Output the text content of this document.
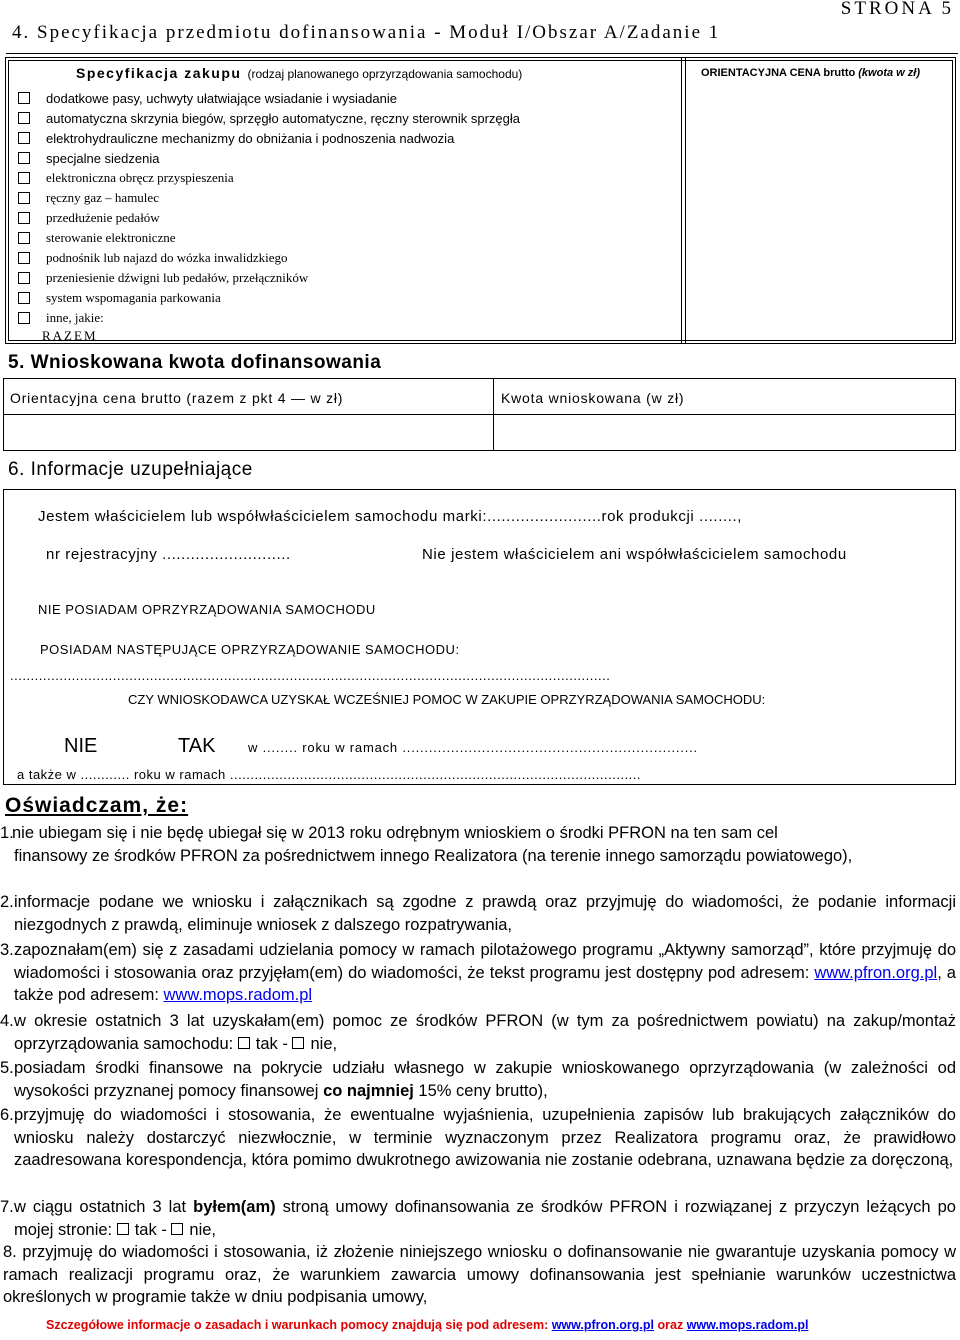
STRONA 5
4. Specyfikacja przedmiotu dofinansowania - Moduł I/Obszar A/Zadanie 1
Specyfikacja zakupu (rodzaj planowanego oprzyrządowania samochodu)	ORIENTACYJNA CENA brutto (kwota w zł)
dodatkowe pasy, uchwyty ułatwiające wsiadanie i wysiadanie
automatyczna skrzynia biegów, sprzęgło automatyczne, ręczny sterownik sprzęgła
elektrohydrauliczne mechanizmy do obniżania i podnoszenia nadwozia
specjalne siedzenia
elektroniczna obręcz przyspieszenia
ręczny gaz – hamulec
przedłużenie pedałów
sterowanie elektroniczne
podnośnik lub najazd do wózka inwalidzkiego
przeniesienie dźwigni lub pedałów, przełączników
system wspomagania parkowania
inne, jakie:
RAZEM
5. Wnioskowana kwota dofinansowania
Orientacyjna cena brutto (razem z pkt 4 — w zł)	Kwota wnioskowana (w zł)
6. Informacje uzupełniające
Jestem właścicielem lub współwłaścicielem samochodu marki:........................rok produkcji ........,
nr rejestracyjny ...........................	Nie jestem właścicielem ani współwłaścicielem samochodu
NIE POSIADAM OPRZYRZĄDOWANIA SAMOCHODU
POSIADAM NASTĘPUJĄCE OPRZYRZĄDOWANIE SAMOCHODU:
..................................................................................................................................................
CZY WNIOSKODAWCA UZYSKAŁ WCZEŚNIEJ POMOC W ZAKUPIE OPRZYRZĄDOWANIA SAMOCHODU:
NIE	TAK	w ........ roku w ramach ...................................................................
a także w ............ roku w ramach ....................................................................................................
Oświadczam, że:
1.
nie ubiegam się i nie będę ubiegał się w 2013 roku odrębnym wnioskiem o środki PFRON na ten sam cel
finansowy ze środków PFRON za pośrednictwem innego Realizatora (na terenie innego samorządu powiatowego),
2. informacje podane we wniosku i załącznikach są zgodne z prawdą oraz przyjmuję do wiadomości, że podanie informacji niezgodnych z prawdą, eliminuje wniosek z dalszego rozpatrywania,
3. zapoznałam(em) się z zasadami udzielania pomocy w ramach pilotażowego programu „Aktywny samorząd”, które przyjmuję do wiadomości i stosowania oraz przyjęłam(em) do wiadomości, że tekst programu jest dostępny pod adresem: www.pfron.org.pl, a także pod adresem: www.mops.radom.pl
4. w okresie ostatnich 3 lat uzyskałam(em) pomoc ze środków PFRON (w tym za pośrednictwem powiatu) na zakup/montaż oprzyrządowania samochodu: tak - nie,
5. posiadam środki finansowe na pokrycie udziału własnego w zakupie wnioskowanego oprzyrządowania (w zależności od wysokości przyznanej pomocy finansowej co najmniej 15% ceny brutto),
6. przyjmuję do wiadomości i stosowania, że ewentualne wyjaśnienia, uzupełnienia zapisów lub brakujących załączników do wniosku należy dostarczyć niezwłocznie, w terminie wyznaczonym przez Realizatora programu oraz, że prawidłowo zaadresowana korespondencja, która pomimo dwukrotnego awizowania nie zostanie odebrana, uznawana będzie za doręczoną,
7. w ciągu ostatnich 3 lat byłem(am) stroną umowy dofinansowania ze środków PFRON i rozwiązanej z przyczyn leżących po mojej stronie: tak - nie,
8. przyjmuję do wiadomości i stosowania, iż złożenie niniejszego wniosku o dofinansowanie nie gwarantuje uzyskania pomocy w ramach realizacji programu oraz, że warunkiem zawarcia umowy dofinansowania jest spełnianie warunków uczestnictwa określonych w programie także w dniu podpisania umowy,
Szczegółowe informacje o zasadach i warunkach pomocy znajdują się pod adresem: www.pfron.org.pl oraz www.mops.radom.pl
